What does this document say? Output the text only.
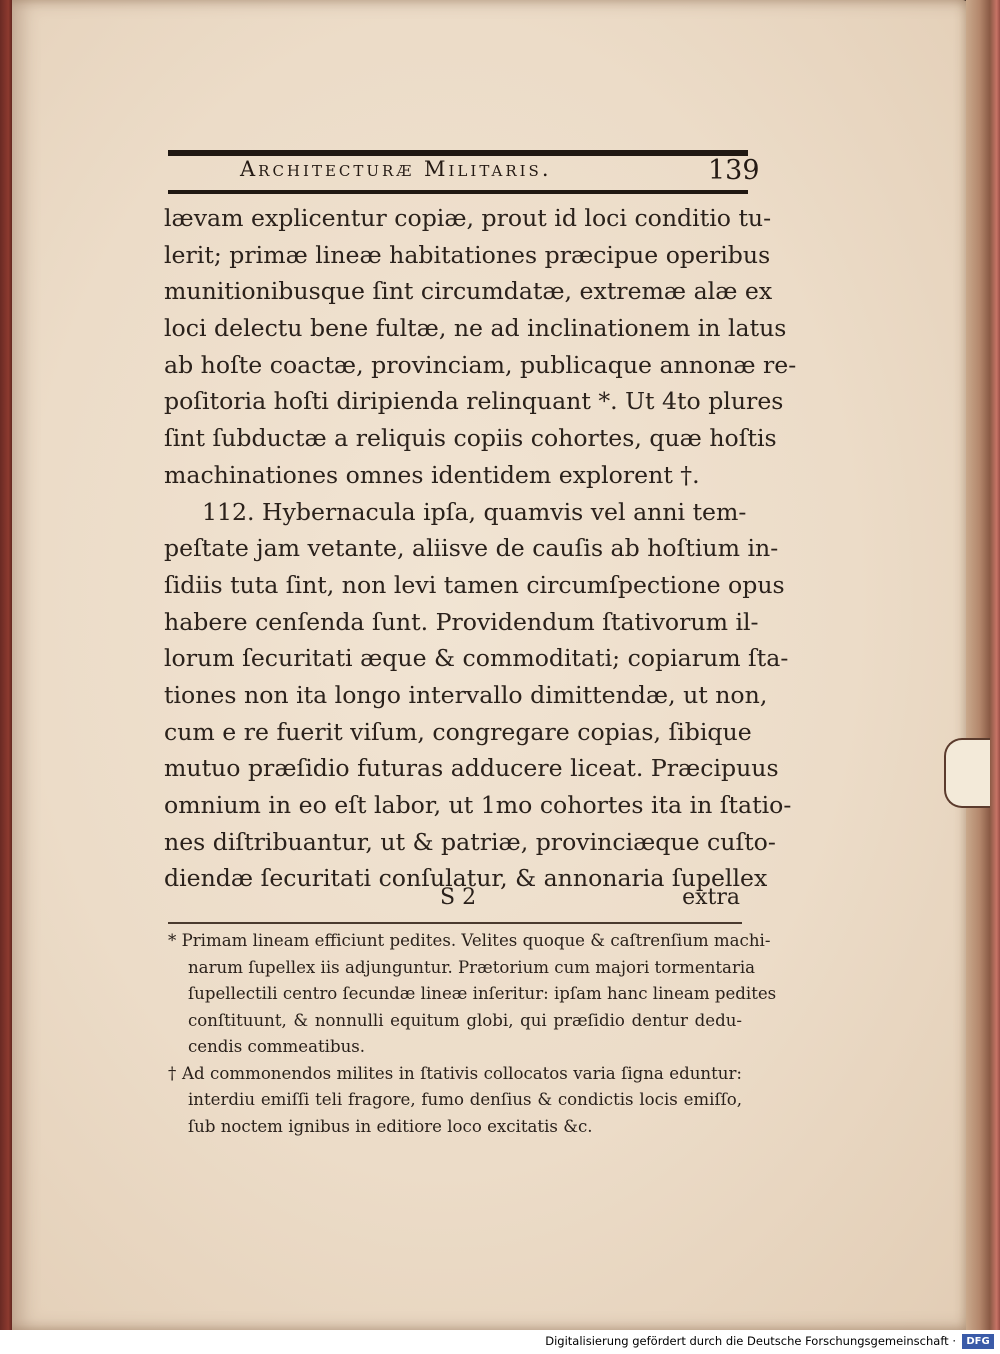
Architecturæ Militaris.	139
lævam explicentur copiæ, prout id loci conditio tu-
lerit; primæ lineæ habitationes præcipue operibus
munitionibusque ſint circumdatæ, extremæ alæ ex
loci delectu bene fultæ, ne ad inclinationem in latus
ab hoſte coactæ, provinciam, publicaque annonæ re-
poſitoria hoſti diripienda relinquant *. Ut 4to plures
ſint ſubductæ a reliquis copiis cohortes, quæ hoſtis
machinationes omnes identidem explorent †.
112. Hybernacula ipſa, quamvis vel anni tem-
peſtate jam vetante, aliisve de cauſis ab hoſtium in-
ſidiis tuta ſint, non levi tamen circumſpectione opus
habere cenſenda ſunt. Providendum ſtativorum il-
lorum ſecuritati æque & commoditati; copiarum ſta-
tiones non ita longo intervallo dimittendæ, ut non,
cum e re fuerit viſum, congregare copias, ſibique
mutuo præſidio futuras adducere liceat. Præcipuus
omnium in eo eſt labor, ut 1mo cohortes ita in ſtatio-
nes diſtribuantur, ut & patriæ, provinciæque cuſto-
diendæ ſecuritati conſulatur, & annonaria ſupellex
S 2	extra
* Primam lineam efficiunt pedites. Velites quoque & caſtrenſium machi-
narum ſupellex iis adjunguntur. Prætorium cum majori tormentaria
ſupellectili centro ſecundæ lineæ inſeritur: ipſam hanc lineam pedites
conſtituunt, & nonnulli equitum globi, qui præſidio dentur dedu-
cendis commeatibus.
† Ad commonendos milites in ſtativis collocatos varia ſigna eduntur:
interdiu emiſſi teli fragore, fumo denſius & condictis locis emiſſo,
ſub noctem ignibus in editiore loco excitatis &c.
Digitalisierung gefördert durch die Deutsche Forschungsgemeinschaft ·	DFG
